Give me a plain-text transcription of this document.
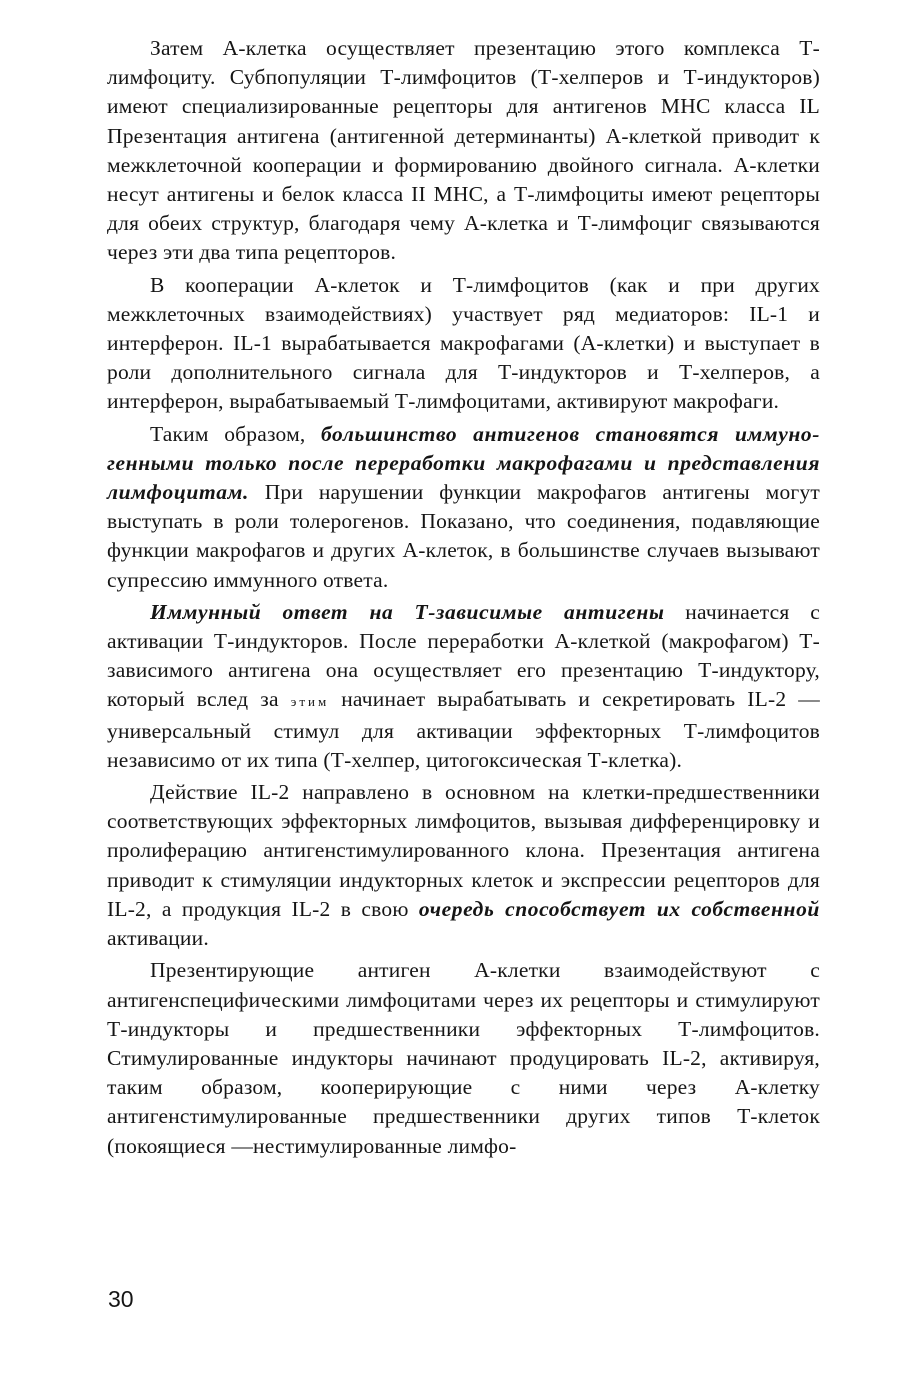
Затем А-клетка осуществляет презентацию этого комплекса Т-лимфоциту. Субпопуляции Т-лимфоцитов (Т-хелперов и Т-индукторов) имеют специализированные рецепторы для антигенов МНС класса IL Презентация антигена (антигенной детерминанты) А-клеткой приводит к межклеточной кооперации и формированию двойного сигнала. А-клетки несут антигены и белок класса II МНС, а Т-лимфоциты имеют рецепторы для обеих структур, благодаря чему А-клетка и Т-лимфоциг связываются через эти два типа рецепторов.

В кооперации А-клеток и Т-лимфоцитов (как и при других межклеточных взаимодействиях) участвует ряд медиаторов: IL-1 и интерферон. IL-1 вырабатывается макрофагами (А-клетки) и выступает в роли дополнительного сигнала для Т-индукторов и Т-хелперов, а интерферон, вырабатываемый Т-лимфоцитами, активируют макрофаги.

Таким образом, большинство антигенов становятся иммуно-генными только после переработки макрофагами и представления лимфоцитам. При нарушении функции макрофагов антигены могут выступать в роли толерогенов. Показано, что соединения, подавляющие функции макрофагов и других А-клеток, в большинстве случаев вызывают супрессию иммунного ответа.

Иммунный ответ на Т-зависимые антигены начинается с активации Т-индукторов. После переработки А-клеткой (макрофагом) Т-зависимого антигена она осуществляет его презентацию Т-индуктору, который вслед за этим начинает вырабатывать и секретировать IL-2 —универсальный стимул для активации эффекторных Т-лимфоцитов независимо от их типа (Т-хелпер, цитогоксическая Т-клетка).

Действие IL-2 направлено в основном на клетки-предшественники соответствующих эффекторных лимфоцитов, вызывая дифференцировку и пролиферацию антигенстимулированного клона. Презентация антигена приводит к стимуляции индукторных клеток и экспрессии рецепторов для IL-2, а продукция IL-2 в свою очередь способствует их собственной активации.

Презентирующие антиген А-клетки взаимодействуют с антигенспецифическими лимфоцитами через их рецепторы и стимулируют Т-индукторы и предшественники эффекторных Т-лимфоцитов. Стимулированные индукторы начинают продуцировать IL-2, активируя, таким образом, кооперирующие с ними через А-клетку антигенстимулированные предшественники других типов Т-клеток (покоящиеся —нестимулированные лимфо-

30
